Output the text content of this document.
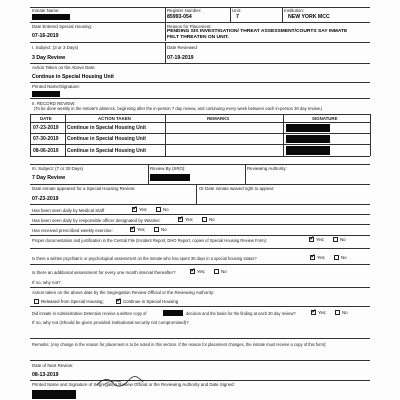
Inmate Name:	Register Number:
85993-054
Unit:
7
Institution:
NEW YORK MCC
Date Entered Special Housing:
07-16-2019
Reason for Placement:
PENDING SIS INVESTIGATION/ THREAT ASSESSMENT/COURTS SAY INMATE
FELT THREATEN ON UNIT.
I. Subject: (3 or 3 Days)	Date Reviewed
3 Day Review	07-19-2019
Action Taken on the Above Date:
Continue in Special Housing Unit
Printed Name/Signature:
II. RECORD REVIEW:
(To be done weekly in the inmate's absence, beginning after the in-person 7 day review, and continuing every week between each in-person 30 day review.)
DATE	ACTION TAKEN	REMARKS	SIGNATURE
07-23-2019 Continue in Special Housing Unit
07-30-2019 Continue in Special Housing Unit
08-06-2019 Continue in Special Housing Unit
III. Subject: (7 or 30 Days)
7 Day Review
Review By (SRO):	Reviewing Authority:
Date inmate appeared for a Special Housing Review:
07-23-2019
Or Date inmate waived right to appear:
Has been seen daily by Medical Staff	✓ Yes;	No
Has been seen daily by responsible officer designated by Warden:	✓ Yes;	No
Has received prescribed weekly exercise:	✓ Yes;	No
Proper documentation and justification in the Central File (Incident Report, DHO Report, copies of Special Housing Review Form):	✓ Yes;	No
Is there a written psychiatric or psychological assessment on the inmate who has spent 30 days in a special housing status?	✓ Yes;	No
Is there an additional assessment for every one month interval thereafter? ✓ Yes;	No
If no, why not?
Action taken on the above date by the Segregation Review Official or the Reviewing Authority:
Released from Special Housing; ✓ Continue in Special Housing
Did inmate in Administrative Detention receive a written copy of	decision and the basis for the finding at each 30 day review?	✓ Yes;	No
If no, why not (Should be given provided institutional security not compromised)?
Remarks: (Any change in the reason for placement is to be noted in this section. If the reason for placement changes, the inmate must receive a copy of this form):
Date of Next Review:
08-13-2019
Printed Name and Signature of Segregation Review Official or the Reviewing Authority and Date Signed:
